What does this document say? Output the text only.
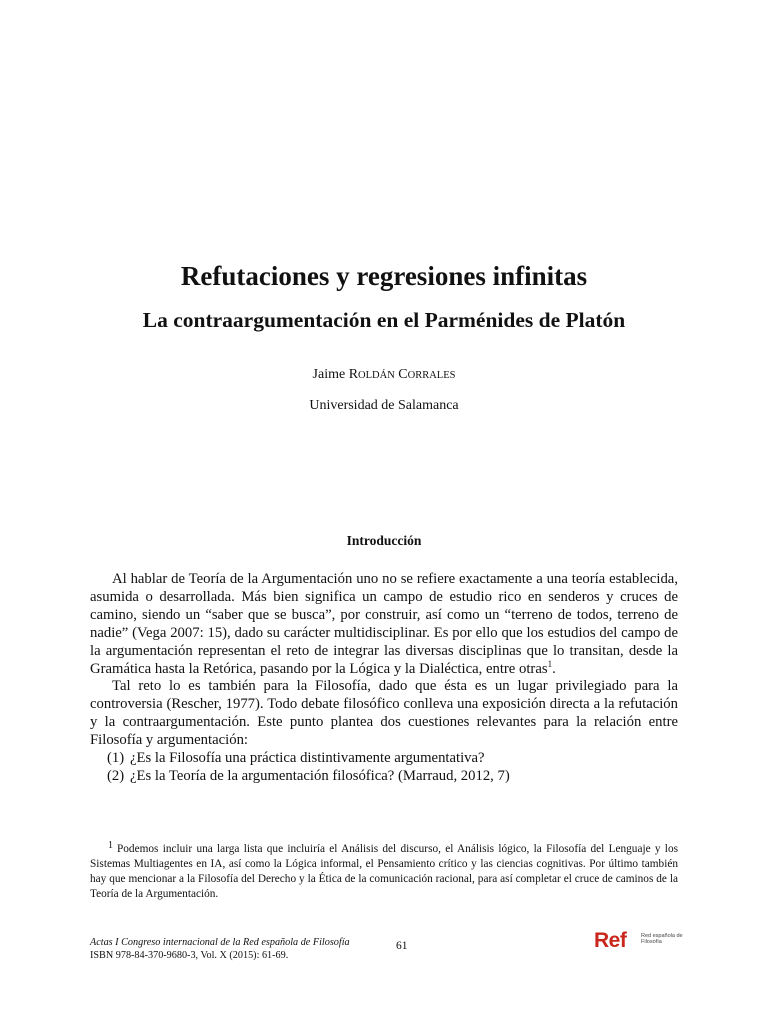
Refutaciones y regresiones infinitas
La contraargumentación en el Parménides de Platón
Jaime ROLDÁN CORRALES
Universidad de Salamanca
Introducción

Al hablar de Teoría de la Argumentación uno no se refiere exactamente a una teoría establecida, asumida o desarrollada. Más bien significa un campo de estudio rico en senderos y cruces de camino, siendo un “saber que se busca”, por construir, así como un “terreno de todos, terreno de nadie” (Vega 2007: 15), dado su carácter multidisciplinar. Es por ello que los estudios del campo de la argumentación representan el reto de integrar las diversas disciplinas que lo transitan, desde la Gramática hasta la Retórica, pasando por la Lógica y la Dialéctica, entre otras$^1$.

Tal reto lo es también para la Filosofía, dado que ésta es un lugar privilegiado para la controversia (Rescher, 1977). Todo debate filosófico conlleva una exposición directa a la refutación y la contraargumentación. Este punto plantea dos cuestiones relevantes para la relación entre Filosofía y argumentación:

(1) ¿Es la Filosofía una práctica distintivamente argumentativa?
(2) ¿Es la Teoría de la argumentación filosófica? (Marraud, 2012, 7)
1 Podemos incluir una larga lista que incluiría el Análisis del discurso, el Análisis lógico, la Filosofía del Lenguaje y los Sistemas Multiagentes en IA, así como la Lógica informal, el Pensamiento crítico y las ciencias cognitivas. Por último también hay que mencionar a la Filosofía del Derecho y la Ética de la comunicación racional, para así completar el cruce de caminos de la Teoría de la Argumentación.
Actas I Congreso internacional de la Red española de Filosofía
ISBN 978-84-370-9680-3, Vol. X (2015): 61-69.
61	Ref	Red española de Filosofía
